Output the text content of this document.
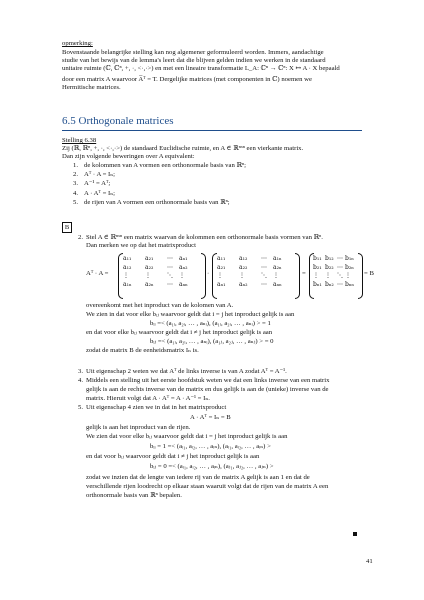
opmerking:
Bovenstaande belangrijke stelling kan nog algemener geformuleerd worden. Immers, aandachtige
studie van het bewijs van de lemma's leert dat die blijven gelden indien we werken in de standaard
unitaire ruimte (ℂ, ℂⁿ, +, ·, <·,·>) en met een lineaire transformatie L_A: ℂⁿ → ℂⁿ: X ↦ A · X bepaald
door een matrix A waarvoor A̅ᵀ = T. Dergelijke matrices (met componenten in ℂ) noemen we
Hermitische matrices.
6.5 Orthogonale matrices
Stelling 6.38
Zij (ℝ, ℝⁿ, +, ·, <·,·>) de standaard Euclidische ruimte, en A ∈ ℝⁿˣⁿ een vierkante matrix.
Dan zijn volgende beweringen over A equivalent:
1. de kolommen van A vormen een orthonormale basis van ℝⁿ;
2. Aᵀ · A = Iₙ;
3. A⁻¹ = Aᵀ;
4. A · Aᵀ = Iₙ;
5. de rijen van A vormen een orthonormale basis van ℝⁿ;
B
2. Stel A ∈ ℝⁿˣⁿ een matrix waarvan de kolommen een orthonormale basis vormen van ℝⁿ.
Dan merken we op dat het matrixproduct
Aᵀ · A =
a₁₁	a₂₁	⋯	aₙ₁
a₁₂	a₂₂	⋯	aₙ₂
⋮	⋮	⋱	⋮
a₁ₙ	a₂ₙ	⋯	aₙₙ
·
a₁₁	a₁₂	⋯	a₁ₙ
a₂₁	a₂₂	⋯	a₂ₙ
⋮	⋮	⋱	⋮
aₙ₁	aₙ₂	⋯	aₙₙ
=
b₁₁ b₁₂ ⋯ b₁ₙ
b₂₁ b₂₂ ⋯ b₂ₙ
⋮	⋮	⋱ ⋮
bₙ₁ bₙ₂ ⋯ bₙₙ
= B
overeenkomt met het inproduct van de kolomen van A.
We zien in dat voor elke bᵢⱼ waarvoor geldt dat i = j het inproduct gelijk is aan
bᵢᵢ =< (a₁ᵢ, a₂ᵢ, … , aₙᵢ), (a₁ᵢ, a₂ᵢ, … , aₙᵢ) > = 1
en dat voor elke bᵢⱼ waarvoor geldt dat i ≠ j het inproduct gelijk is aan
bᵢⱼ =< (a₁ᵢ, a₂ᵢ, … , aₙᵢ), (a₁ⱼ, a₂ⱼ, … , aₙⱼ) > = 0
zodat de matrix B de eenheidsmatrix Iₙ is.
3. Uit eigenschap 2 weten we dat Aᵀ de links inverse is van A zodat Aᵀ = A⁻¹.
4. Middels een stelling uit het eerste hoofdstuk weten we dat een links inverse van een matrix
gelijk is aan de rechts inverse van de matrix en dus gelijk is aan de (unieke) inverse van de
matrix. Hieruit volgt dat A · Aᵀ = A · A⁻¹ = Iₙ.
5. Uit eigenschap 4 zien we in dat in het matrixproduct
A · Aᵀ = Iₙ = B
gelijk is aan het inproduct van de rijen.
We zien dat voor elke bᵢⱼ waarvoor geldt dat i = j het inproduct gelijk is aan
bᵢᵢ = 1 =< (aᵢ₁, aᵢ₂, … , aᵢₙ), (aᵢ₁, aᵢ₂, … , aᵢₙ) >
en dat voor bᵢⱼ waarvoor geldt dat i ≠ j het inproduct gelijk is aan
bᵢⱼ = 0 =< (aᵢ₁, aᵢ₂, … , aᵢₙ), (aⱼ₁, aⱼ₂, … , aⱼₙ) >
zodat we inzien dat de lengte van iedere rij van de matrix A gelijk is aan 1 en dat de
verschillende rijen loodrecht op elkaar staan waaruit volgt dat de rijen van de matrix A een
orthonormale basis van ℝⁿ bepalen.
41
